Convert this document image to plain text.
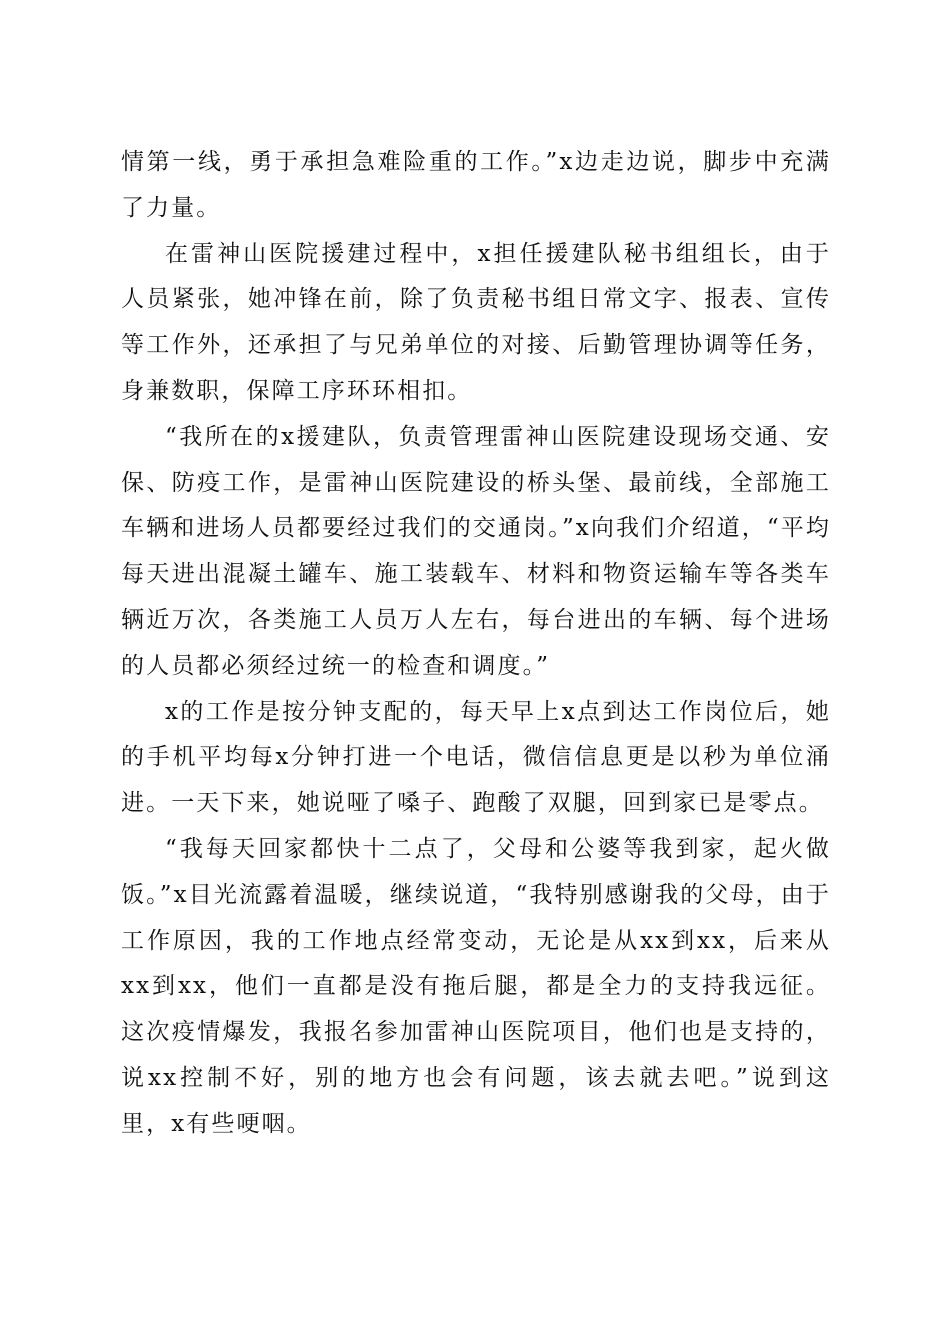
情第一线，勇于承担急难险重的工作。”x边走边说，脚步中充满了力量。

在雷神山医院援建过程中，x担任援建队秘书组组长，由于人员紧张，她冲锋在前，除了负责秘书组日常文字、报表、宣传等工作外，还承担了与兄弟单位的对接、后勤管理协调等任务，身兼数职，保障工序环环相扣。

“我所在的x援建队，负责管理雷神山医院建设现场交通、安保、防疫工作，是雷神山医院建设的桥头堡、最前线，全部施工车辆和进场人员都要经过我们的交通岗。”x向我们介绍道，“平均每天进出混凝土罐车、施工装载车、材料和物资运输车等各类车辆近万次，各类施工人员万人左右，每台进出的车辆、每个进场的人员都必须经过统一的检查和调度。”

x的工作是按分钟支配的，每天早上x点到达工作岗位后，她的手机平均每x分钟打进一个电话，微信信息更是以秒为单位涌进。一天下来，她说哑了嗓子、跑酸了双腿，回到家已是零点。

“我每天回家都快十二点了，父母和公婆等我到家，起火做饭。”x目光流露着温暖，继续说道，“我特别感谢我的父母，由于工作原因，我的工作地点经常变动，无论是从xx到xx，后来从xx到xx，他们一直都是没有拖后腿，都是全力的支持我远征。这次疫情爆发，我报名参加雷神山医院项目，他们也是支持的，说xx控制不好，别的地方也会有问题，该去就去吧。”说到这里，x有些哽咽。
